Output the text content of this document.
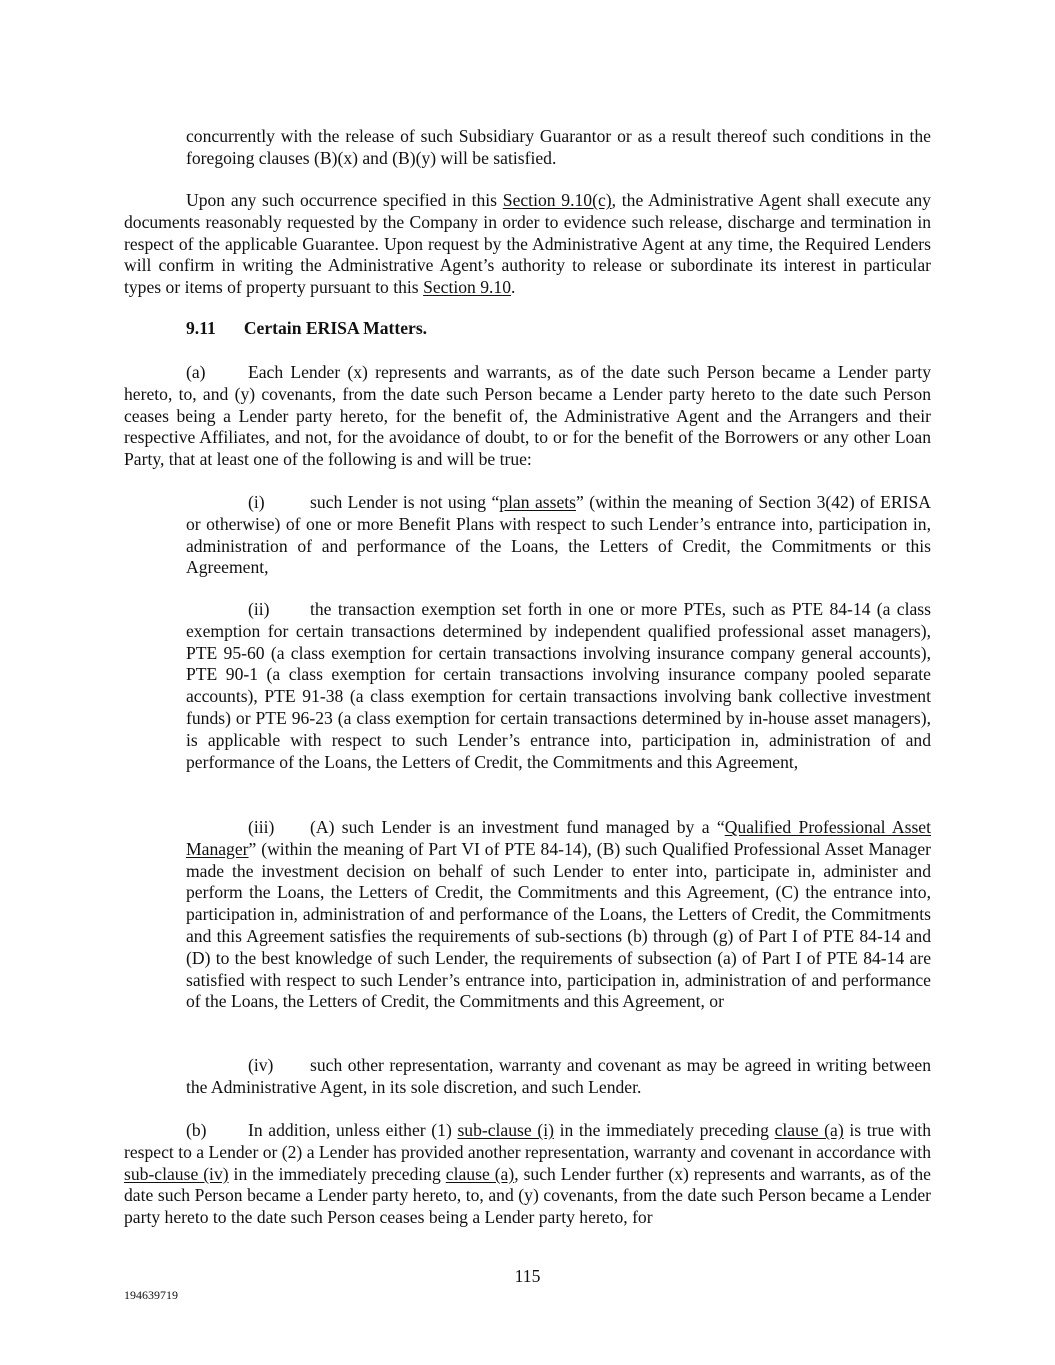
concurrently with the release of such Subsidiary Guarantor or as a result thereof such conditions in the foregoing clauses (B)(x) and (B)(y) will be satisfied.

Upon any such occurrence specified in this Section 9.10(c), the Administrative Agent shall execute any documents reasonably requested by the Company in order to evidence such release, discharge and termination in respect of the applicable Guarantee. Upon request by the Administrative Agent at any time, the Required Lenders will confirm in writing the Administrative Agent’s authority to release or subordinate its interest in particular types or items of property pursuant to this Section 9.10.

9.11 Certain ERISA Matters.

(a) Each Lender (x) represents and warrants, as of the date such Person became a Lender party hereto, to, and (y) covenants, from the date such Person became a Lender party hereto to the date such Person ceases being a Lender party hereto, for the benefit of, the Administrative Agent and the Arrangers and their respective Affiliates, and not, for the avoidance of doubt, to or for the benefit of the Borrowers or any other Loan Party, that at least one of the following is and will be true:

(i)	such Lender is not using “plan assets” (within the meaning of Section 3(42) of ERISA or otherwise) of one or more Benefit Plans with respect to such Lender’s entrance into, participation in, administration of and performance of the Loans, the Letters of Credit, the Commitments or this Agreement,

(ii) the transaction exemption set forth in one or more PTEs, such as PTE 84-14 (a class exemption for certain transactions determined by independent qualified professional asset managers), PTE 95-60 (a class exemption for certain transactions involving insurance company general accounts), PTE 90-1 (a class exemption for certain transactions involving insurance company pooled separate accounts), PTE 91-38 (a class exemption for certain transactions involving bank collective investment funds) or PTE 96-23 (a class exemption for certain transactions determined by in-house asset managers), is applicable with respect to such Lender’s entrance into, participation in, administration of and performance of the Loans, the Letters of Credit, the Commitments and this Agreement,

(iii) (A) such Lender is an investment fund managed by a “Qualified Professional Asset Manager” (within the meaning of Part VI of PTE 84-14), (B) such Qualified Professional Asset Manager made the investment decision on behalf of such Lender to enter into, participate in, administer and perform the Loans, the Letters of Credit, the Commitments and this Agreement, (C) the entrance into, participation in, administration of and performance of the Loans, the Letters of Credit, the Commitments and this Agreement satisfies the requirements of sub-sections (b) through (g) of Part I of PTE 84-14 and (D) to the best knowledge of such Lender, the requirements of subsection (a) of Part I of PTE 84-14 are satisfied with respect to such Lender’s entrance into, participation in, administration of and performance of the Loans, the Letters of Credit, the Commitments and this Agreement, or

(iv) such other representation, warranty and covenant as may be agreed in writing between the Administrative Agent, in its sole discretion, and such Lender.

(b) In addition, unless either (1) sub-clause (i) in the immediately preceding clause (a) is true with respect to a Lender or (2) a Lender has provided another representation, warranty and covenant in accordance with sub-clause (iv) in the immediately preceding clause (a), such Lender further (x) represents and warrants, as of the date such Person became a Lender party hereto, to, and (y) covenants, from the date such Person became a Lender party hereto to the date such Person ceases being a Lender party hereto, for

115
194639719
